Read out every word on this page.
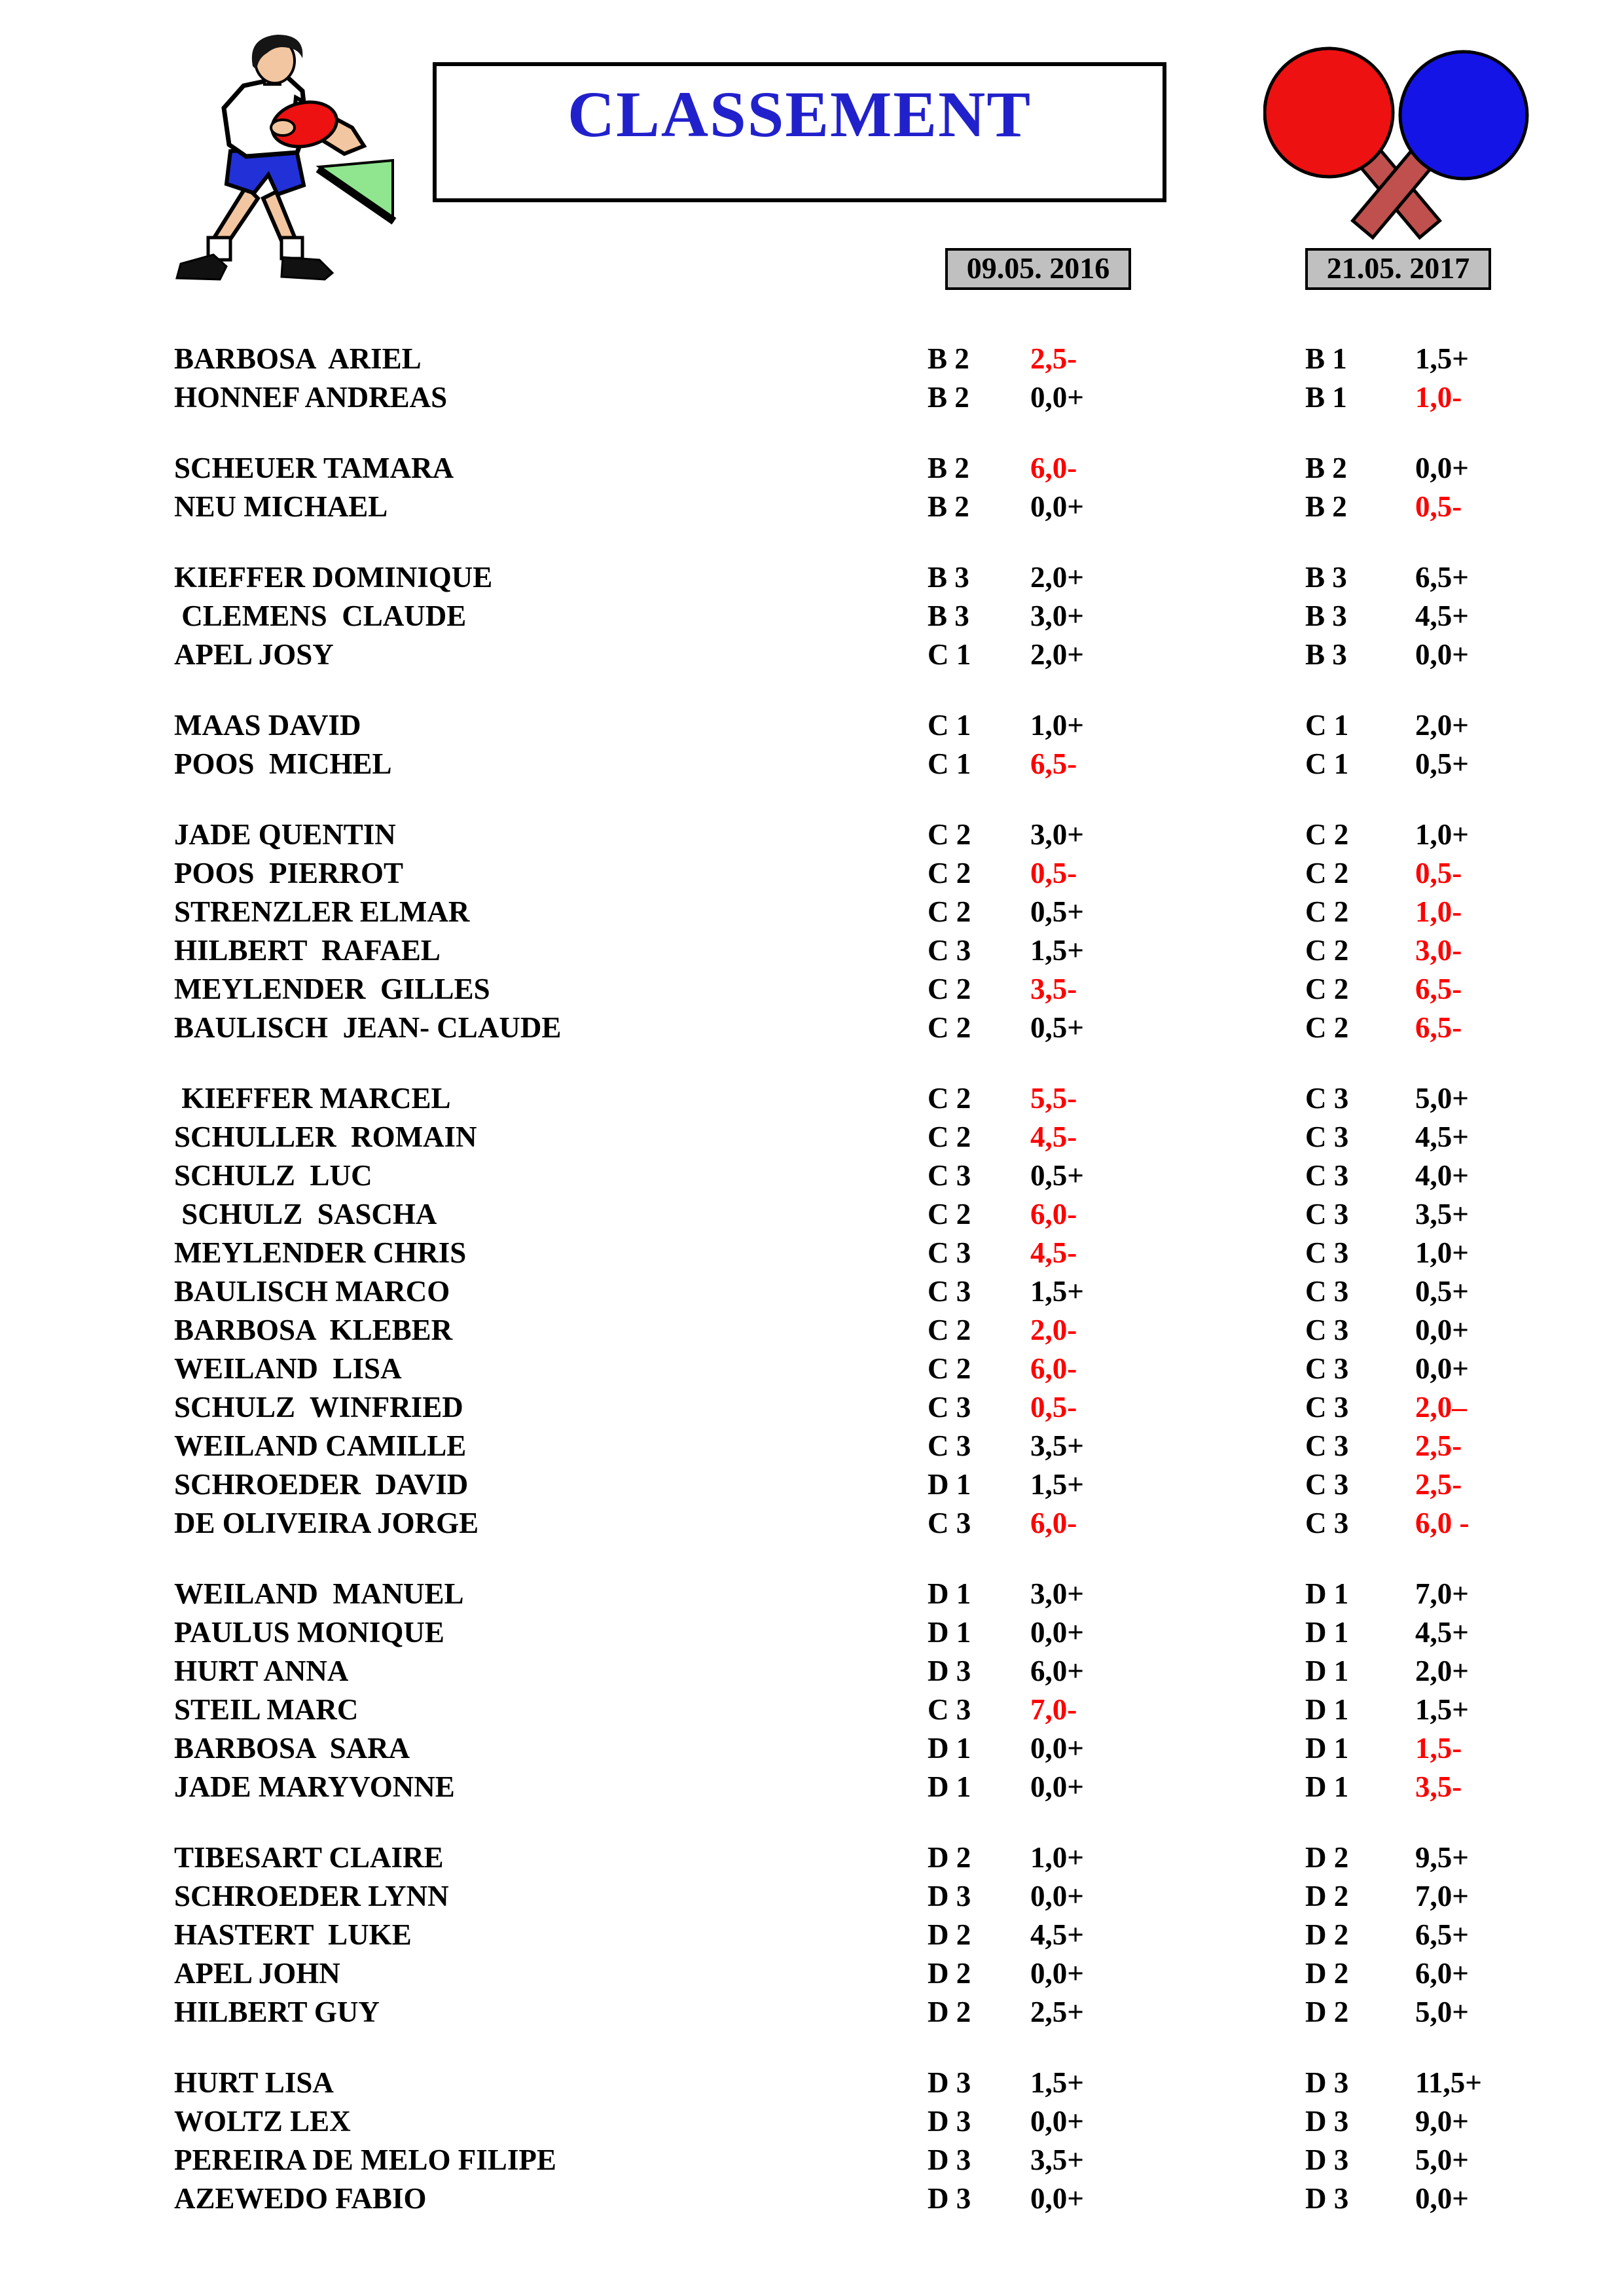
CLASSEMENT
09.05. 2016	21.05. 2017
BARBOSA  ARIEL	B 2 2,5-	B 1 1,5+
HONNEF ANDREAS	B 2 0,0+	B 1 1,0-
SCHEUER TAMARA	B 2 6,0-	B 2 0,0+
NEU MICHAEL	B 2 0,0+	B 2 0,5-
KIEFFER DOMINIQUE	B 3 2,0+	B 3 6,5+
CLEMENS  CLAUDE	B 3 3,0+	B 3 4,5+
APEL JOSY	C 1 2,0+	B 3 0,0+
MAAS DAVID	C 1 1,0+	C 1 2,0+
POOS  MICHEL	C 1 6,5-	C 1 0,5+
JADE QUENTIN	C 2 3,0+	C 2 1,0+
POOS  PIERROT	C 2 0,5-	C 2 0,5-
STRENZLER ELMAR	C 2 0,5+	C 2 1,0-
HILBERT  RAFAEL	C 3 1,5+	C 2 3,0-
MEYLENDER  GILLES	C 2 3,5-	C 2 6,5-
BAULISCH  JEAN- CLAUDE	C 2 0,5+	C 2 6,5-
KIEFFER MARCEL	C 2 5,5-	C 3 5,0+
SCHULLER  ROMAIN	C 2 4,5-	C 3 4,5+
SCHULZ  LUC	C 3 0,5+	C 3 4,0+
SCHULZ  SASCHA	C 2 6,0-	C 3 3,5+
MEYLENDER CHRIS	C 3 4,5-	C 3 1,0+
BAULISCH MARCO	C 3 1,5+	C 3 0,5+
BARBOSA  KLEBER	C 2 2,0-	C 3 0,0+
WEILAND  LISA	C 2 6,0-	C 3 0,0+
SCHULZ  WINFRIED	C 3 0,5-	C 3 2,0–
WEILAND CAMILLE	C 3 3,5+	C 3 2,5-
SCHROEDER  DAVID	D 1 1,5+	C 3 2,5-
DE OLIVEIRA JORGE	C 3 6,0-	C 3 6,0 -
WEILAND  MANUEL	D 1 3,0+	D 1 7,0+
PAULUS MONIQUE	D 1 0,0+	D 1 4,5+
HURT ANNA	D 3 6,0+	D 1 2,0+
STEIL MARC	C 3 7,0-	D 1 1,5+
BARBOSA  SARA	D 1 0,0+	D 1 1,5-
JADE MARYVONNE	D 1 0,0+	D 1 3,5-
TIBESART CLAIRE	D 2 1,0+	D 2 9,5+
SCHROEDER LYNN	D 3 0,0+	D 2 7,0+
HASTERT  LUKE	D 2 4,5+	D 2 6,5+
APEL JOHN	D 2 0,0+	D 2 6,0+
HILBERT GUY	D 2 2,5+	D 2 5,0+
HURT LISA	D 3 1,5+	D 3 11,5+
WOLTZ LEX	D 3 0,0+	D 3 9,0+
PEREIRA DE MELO FILIPE	D 3 3,5+	D 3 5,0+
AZEWEDO FABIO	D 3 0,0+	D 3 0,0+
